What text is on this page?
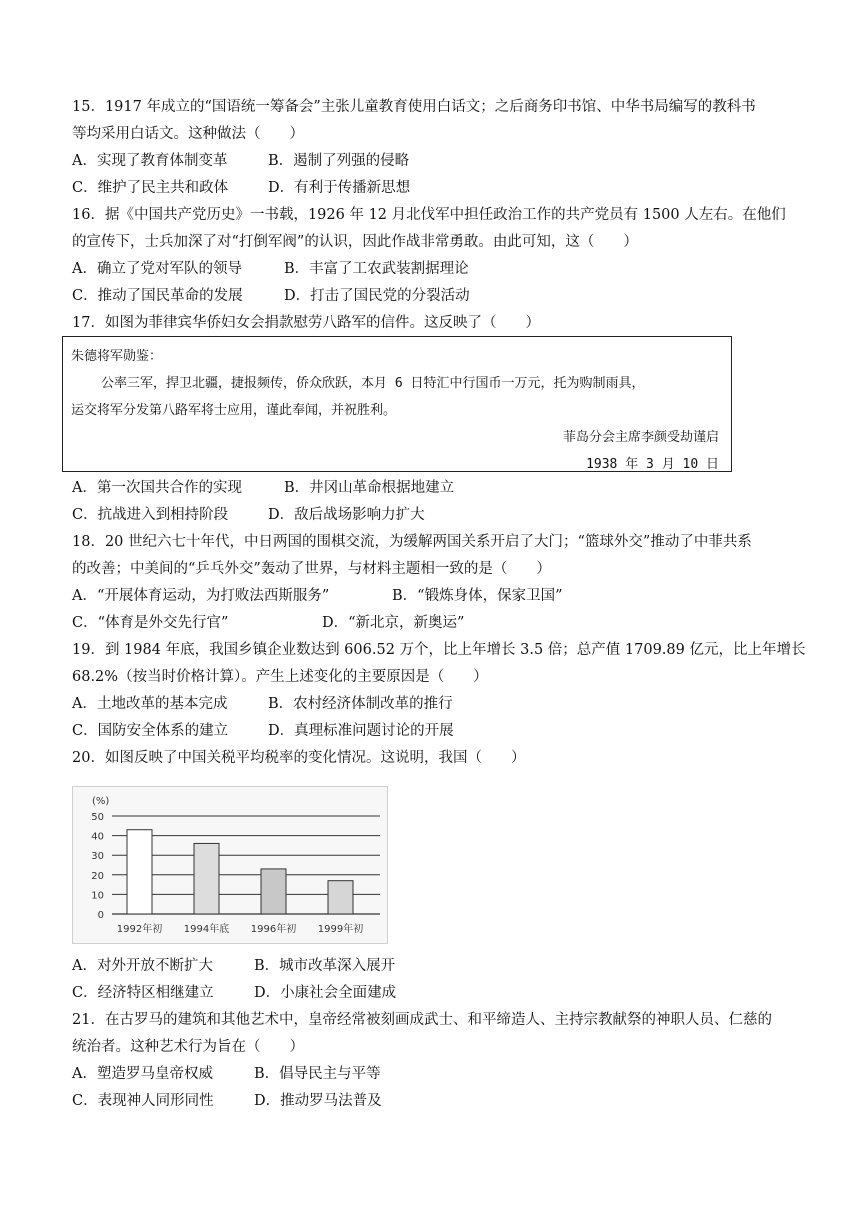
15．1917 年成立的“国语统一筹备会”主张儿童教育使用白话文；之后商务印书馆、中华书局编写的教科书
等均采用白话文。这种做法（　　）
A．实现了教育体制变革	B．遏制了列强的侵略
C．维护了民主共和政体	D．有利于传播新思想
16．据《中国共产党历史》一书载，1926 年 12 月北伐军中担任政治工作的共产党员有 1500 人左右。在他们
的宣传下，士兵加深了对“打倒军阀”的认识，因此作战非常勇敢。由此可知，这（　　）
A．确立了党对军队的领导	B．丰富了工农武装割据理论
C．推动了国民革命的发展	D．打击了国民党的分裂活动
17．如图为菲律宾华侨妇女会捐款慰劳八路军的信件。这反映了（　　）
朱德将军勋鉴：
公率三军，捍卫北疆，捷报频传，侨众欣跃，本月 6 日特汇中行国币一万元，托为购制雨具，
运交将军分发第八路军将士应用，谨此奉闻，并祝胜利。
菲岛分会主席李颜受劫谨启
1938 年 3 月 10 日
A．第一次国共合作的实现	B．井冈山革命根据地建立
C．抗战进入到相持阶段	D．敌后战场影响力扩大
18．20 世纪六七十年代，中日两国的围棋交流，为缓解两国关系开启了大门；“篮球外交”推动了中菲共系
的改善；中美间的“乒乓外交”轰动了世界，与材料主题相一致的是（　　）
A．“开展体育运动，为打败法西斯服务”	B．“锻炼身体，保家卫国”
C．“体育是外交先行官”	D．“新北京，新奥运”
19．到 1984 年底，我国乡镇企业数达到 606.52 万个，比上年增长 3.5 倍；总产值 1709.89 亿元，比上年增长
68.2%（按当时价格计算）。产生上述变化的主要原因是（　　）
A．土地改革的基本完成	B．农村经济体制改革的推行
C．国防安全体系的建立	D．真理标准问题讨论的开展
20．如图反映了中国关税平均税率的变化情况。这说明，我国（　　）
0
10
20
30
40
50
1992年初 1994年底 1996年初 1999年初
(%)
A．对外开放不断扩大	B．城市改革深入展开
C．经济特区相继建立	D．小康社会全面建成
21．在古罗马的建筑和其他艺术中，皇帝经常被刻画成武士、和平缔造人、主持宗教献祭的神职人员、仁慈的
统治者。这种艺术行为旨在（　　）
A．塑造罗马皇帝权威	B．倡导民主与平等
C．表现神人同形同性	D．推动罗马法普及
